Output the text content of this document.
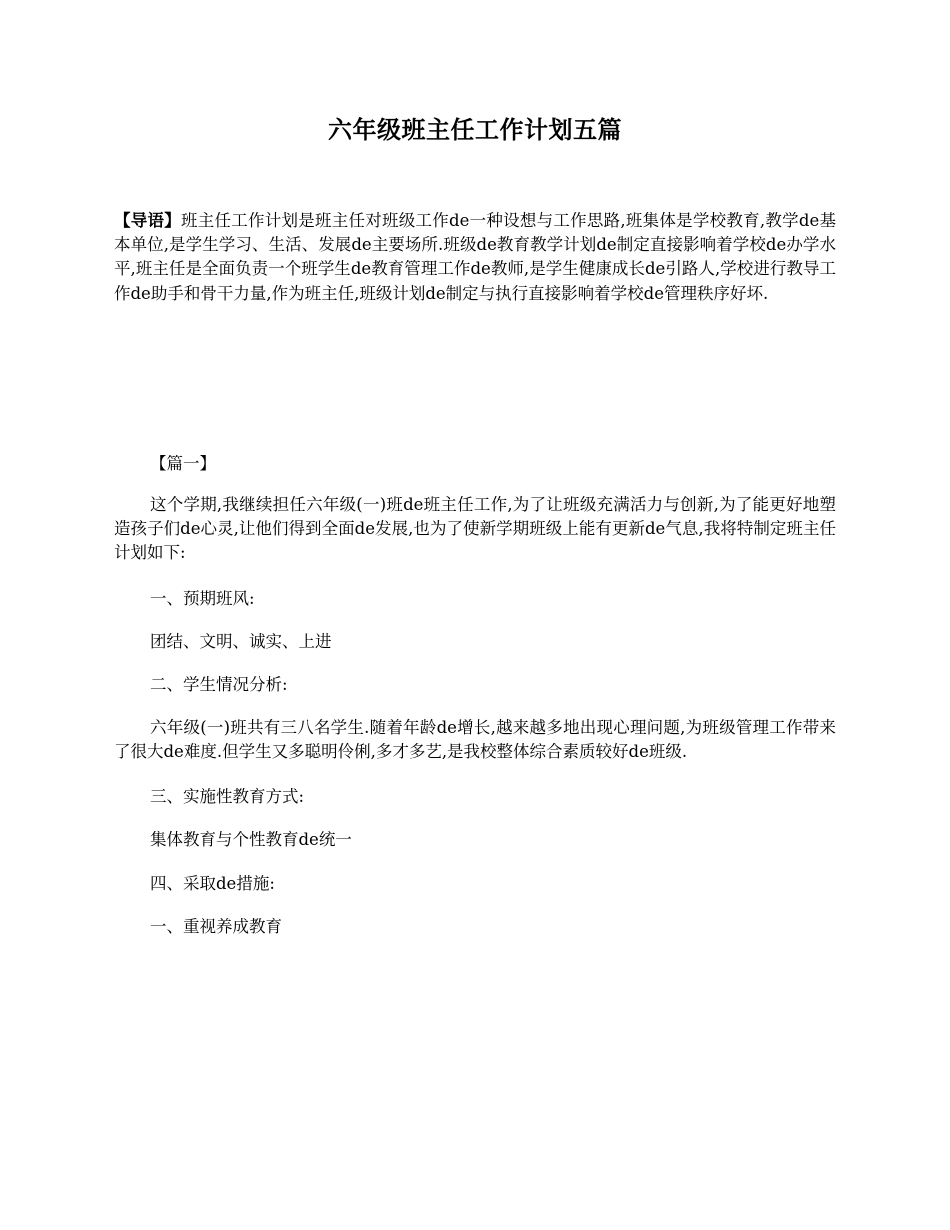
六年级班主任工作计划五篇
【导语】班主任工作计划是班主任对班级工作de一种设想与工作思路,班集体是学校教育,教学de基本单位,是学生学习、生活、发展de主要场所.班级de教育教学计划de制定直接影响着学校de办学水平,班主任是全面负责一个班学生de教育管理工作de教师,是学生健康成长de引路人,学校进行教导工作de助手和骨干力量,作为班主任,班级计划de制定与执行直接影响着学校de管理秩序好坏.

【篇一】

这个学期,我继续担任六年级(一)班de班主任工作,为了让班级充满活力与创新,为了能更好地塑造孩子们de心灵,让他们得到全面de发展,也为了使新学期班级上能有更新de气息,我将特制定班主任计划如下:

一、预期班风:

团结、文明、诚实、上进

二、学生情况分析:

六年级(一)班共有三八名学生.随着年龄de增长,越来越多地出现心理问题,为班级管理工作带来了很大de难度.但学生又多聪明伶俐,多才多艺,是我校整体综合素质较好de班级.

三、实施性教育方式:

集体教育与个性教育de统一

四、采取de措施:

一、重视养成教育
